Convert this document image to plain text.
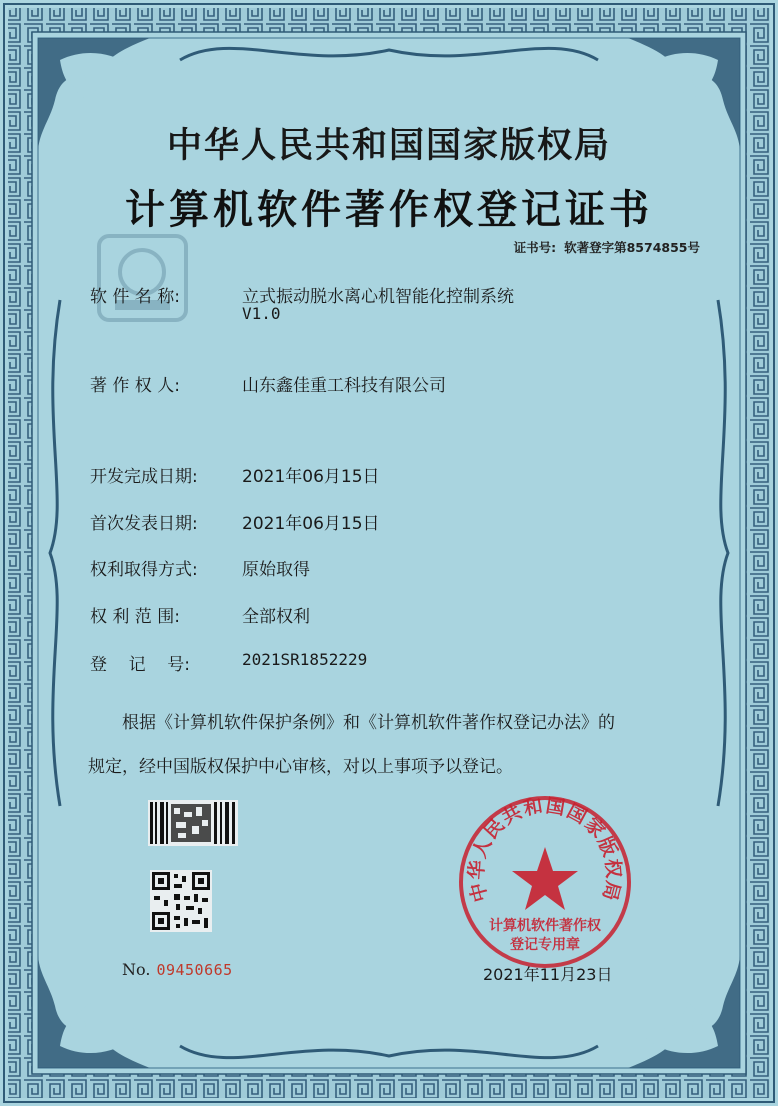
中华人民共和国国家版权局
计算机软件著作权登记证书
证书号: 软著登字第8574855号
软 件 名 称:	立式振动脱水离心机智能化控制系统
V1.0
著 作 权 人:	山东鑫佳重工科技有限公司
开发完成日期:	2021年06月15日
首次发表日期:	2021年06月15日
权利取得方式:	原始取得
权 利 范 围:	全部权利
登    记    号:	2021SR1852229
根据《计算机软件保护条例》和《计算机软件著作权登记办法》的
规定，经中国版权保护中心审核，对以上事项予以登记。
中华人民共和国国家版权局
计算机软件著作权
登记专用章
No. 09450665	2021年11月23日
